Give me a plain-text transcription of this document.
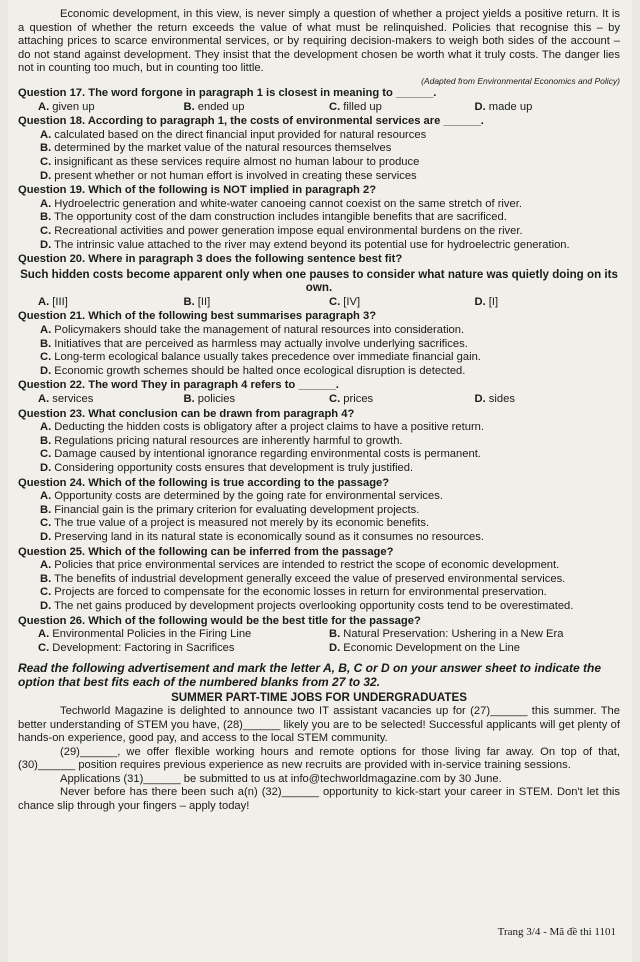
✦

Economic development, in this view, is never simply a question of whether a project yields a positive return. It is a question of whether the return exceeds the value of what must be relinquished. Policies that recognise this – by attaching prices to scarce environmental services, or by requiring decision-makers to weigh both sides of the account – do not stand against development. They insist that the development chosen be worth what it truly costs. The danger lies not in counting too much, but in counting too little.

(Adapted from Environmental Economics and Policy)

Question 17. The word forgone in paragraph 1 is closest in meaning to ______.

A. given up	B. ended up	C. filled up	D. made up

Question 18. According to paragraph 1, the costs of environmental services are ______.

A. calculated based on the direct financial input provided for natural resources

B. determined by the market value of the natural resources themselves

C. insignificant as these services require almost no human labour to produce

D. present whether or not human effort is involved in creating these services

Question 19. Which of the following is NOT implied in paragraph 2?

A. Hydroelectric generation and white-water canoeing cannot coexist on the same stretch of river.

B. The opportunity cost of the dam construction includes intangible benefits that are sacrificed.

C. Recreational activities and power generation impose equal environmental burdens on the river.

D. The intrinsic value attached to the river may extend beyond its potential use for hydroelectric generation.

Question 20. Where in paragraph 3 does the following sentence best fit?

Such hidden costs become apparent only when one pauses to consider what nature was quietly doing on its own.

A. [III]	B. [II]	C. [IV]	D. [I]

Question 21. Which of the following best summarises paragraph 3?

A. Policymakers should take the management of natural resources into consideration.

B. Initiatives that are perceived as harmless may actually involve underlying sacrifices.

C. Long-term ecological balance usually takes precedence over immediate financial gain.

D. Economic growth schemes should be halted once ecological disruption is detected.

Question 22. The word They in paragraph 4 refers to ______.

A. services	B. policies	C. prices	D. sides

Question 23. What conclusion can be drawn from paragraph 4?

A. Deducting the hidden costs is obligatory after a project claims to have a positive return.

B. Regulations pricing natural resources are inherently harmful to growth.

C. Damage caused by intentional ignorance regarding environmental costs is permanent.

D. Considering opportunity costs ensures that development is truly justified.

Question 24. Which of the following is true according to the passage?

A. Opportunity costs are determined by the going rate for environmental services.

B. Financial gain is the primary criterion for evaluating development projects.

C. The true value of a project is measured not merely by its economic benefits.

D. Preserving land in its natural state is economically sound as it consumes no resources.

Question 25. Which of the following can be inferred from the passage?

A. Policies that price environmental services are intended to restrict the scope of economic development.

B. The benefits of industrial development generally exceed the value of preserved environmental services.

C. Projects are forced to compensate for the economic losses in return for environmental preservation.

D. The net gains produced by development projects overlooking opportunity costs tend to be overestimated.

Question 26. Which of the following would be the best title for the passage?

A. Environmental Policies in the Firing Line	B. Natural Preservation: Ushering in a New Era
C. Development: Factoring in Sacrifices	D. Economic Development on the Line

Read the following advertisement and mark the letter A, B, C or D on your answer sheet to indicate the option that best fits each of the numbered blanks from 27 to 32.

SUMMER PART-TIME JOBS FOR UNDERGRADUATES

Techworld Magazine is delighted to announce two IT assistant vacancies up for (27)______ this summer. The better understanding of STEM you have, (28)______ likely you are to be selected! Successful applicants will get plenty of hands-on experience, good pay, and access to the local STEM community.

(29)______, we offer flexible working hours and remote options for those living far away. On top of that, (30)______ position requires previous experience as new recruits are provided with in-service training sessions.

Applications (31)______ be submitted to us at info@techworldmagazine.com by 30 June.

Never before has there been such a(n) (32)______ opportunity to kick-start your career in STEM. Don't let this chance slip through your fingers – apply today!

Trang 3/4 - Mã đề thi 1101
